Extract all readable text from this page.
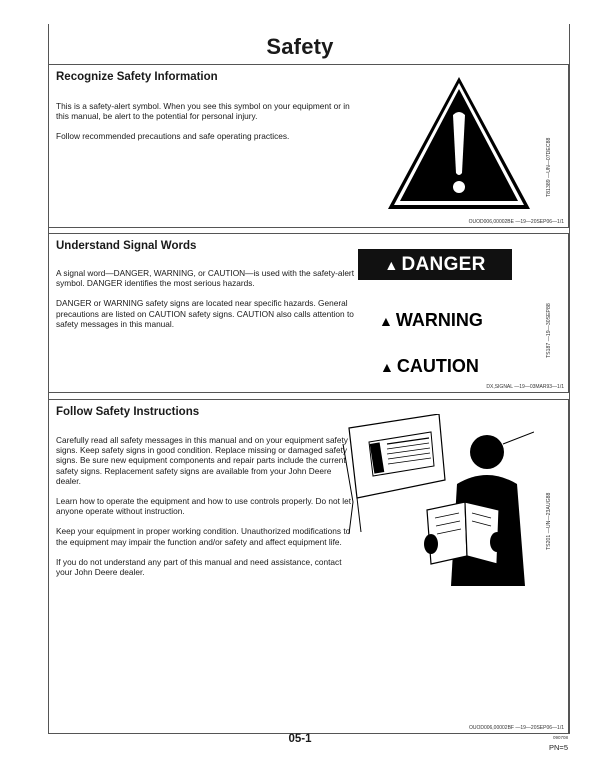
Safety
Recognize Safety Information

This is a safety-alert symbol. When you see this symbol on your equipment or in this manual, be alert to the potential for personal injury.

Follow recommended precautions and safe operating practices.

T81389 —UN—07DEC88
OUOD006,00002BE —19—20SEP06—1/1
Understand Signal Words

A signal word—DANGER, WARNING, or CAUTION—is used with the safety-alert symbol. DANGER identifies the most serious hazards.

DANGER or WARNING safety signs are located near specific hazards. General precautions are listed on CAUTION safety signs. CAUTION also calls attention to safety messages in this manual.

▲ DANGER
▲ WARNING
▲ CAUTION
TS187 —19—30SEP88
DX,SIGNAL —19—03MAR93—1/1
Follow Safety Instructions

Carefully read all safety messages in this manual and on your equipment safety signs. Keep safety signs in good condition. Replace missing or damaged safety signs. Be sure new equipment components and repair parts include the current safety signs. Replacement safety signs are available from your John Deere dealer.

Learn how to operate the equipment and how to use controls properly. Do not let anyone operate without instruction.

Keep your equipment in proper working condition. Unauthorized modifications to the equipment may impair the function and/or safety and affect equipment life.

If you do not understand any part of this manual and need assistance, contact your John Deere dealer.

TS201 —UN—23AUG88
OUOD006,00002BF —19—20SEP06—1/1
05-1	090708
PN=5
